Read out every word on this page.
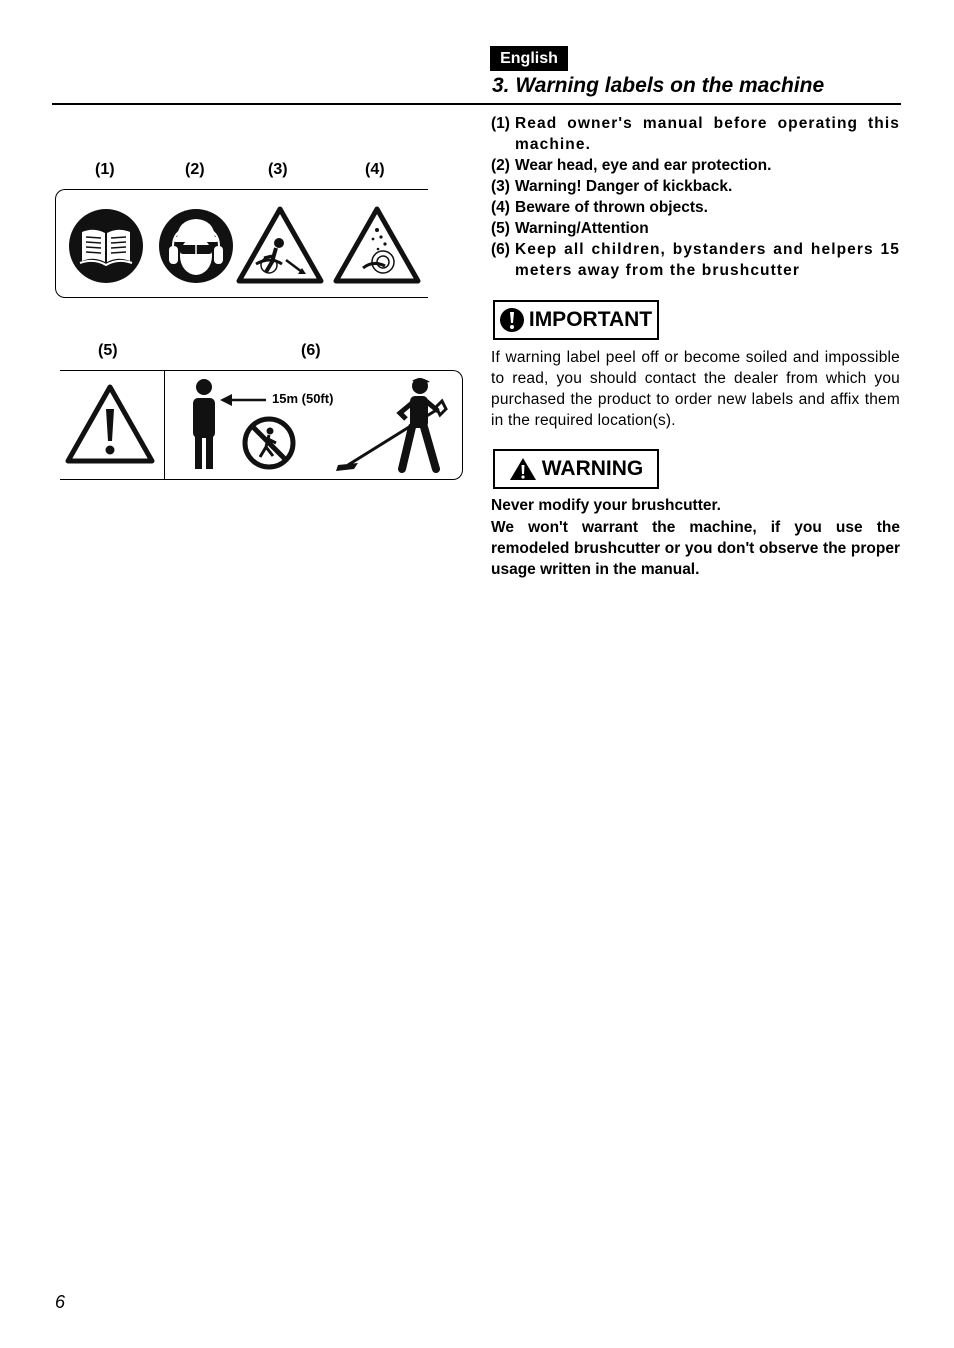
English
3. Warning labels on the machine
(1)	(2)	(3)	(4)
(5)	(6)
15m (50ft)
(1) Read owner's manual before operating this machine.
(2) Wear head, eye and ear protection.
(3) Warning! Danger of kickback.
(4) Beware of thrown objects.
(5) Warning/Attention
(6) Keep all children, bystanders and helpers 15 meters away from the brushcutter
IMPORTANT

If warning label peel off or become soiled and impossible to read, you should contact the dealer from which you purchased the product to order new labels and affix them in the required location(s).

WARNING

Never modify your brushcutter.

We won't warrant the machine, if you use the remodeled brushcutter or you don't observe the proper usage written in the manual.

6
